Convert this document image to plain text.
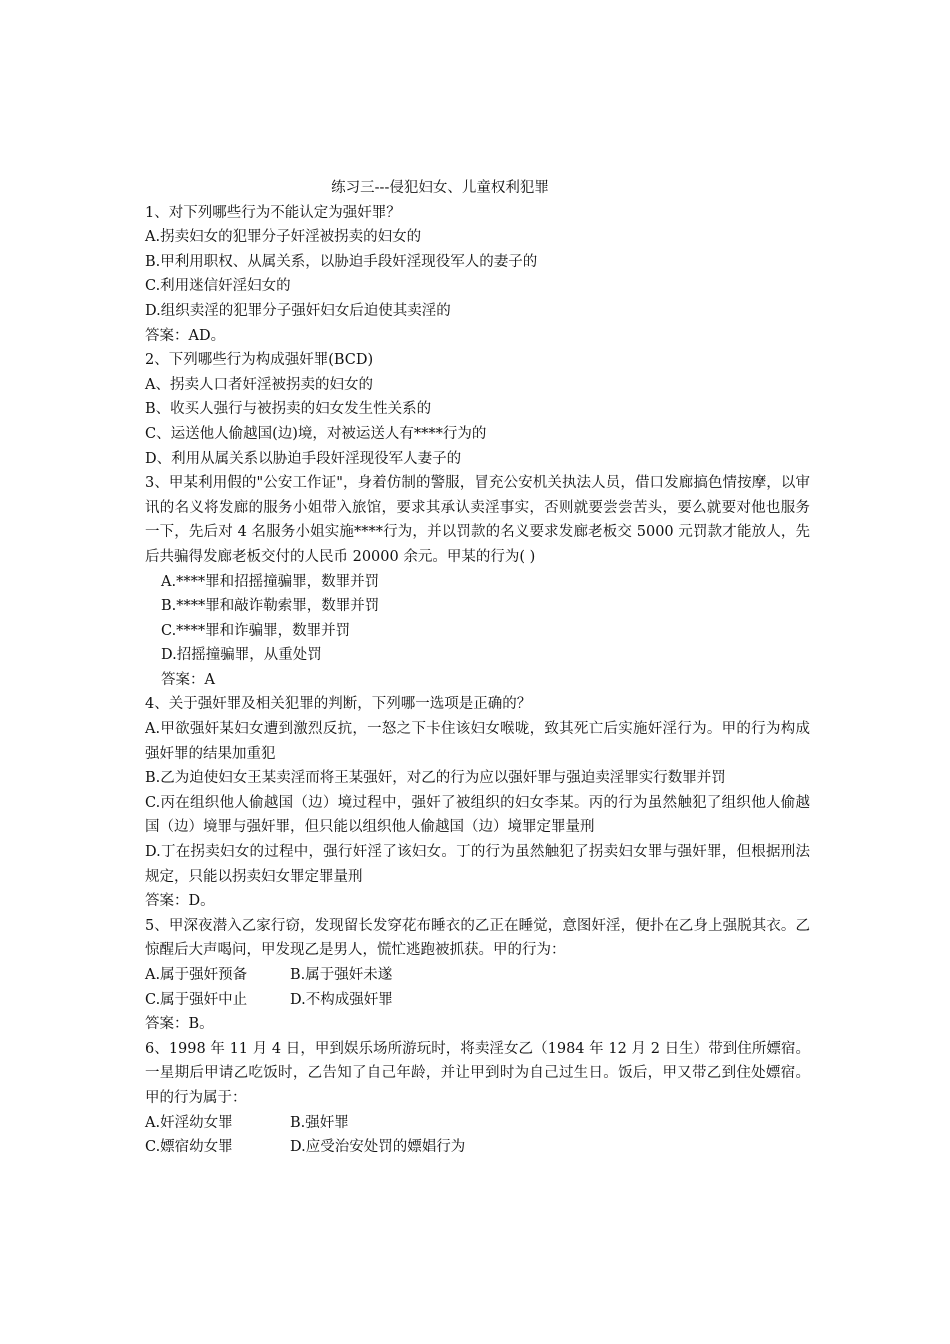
练习三---侵犯妇女、儿童权利犯罪

1、对下列哪些行为不能认定为强奸罪？

A.拐卖妇女的犯罪分子奸淫被拐卖的妇女的

B.甲利用职权、从属关系，以胁迫手段奸淫现役军人的妻子的

C.利用迷信奸淫妇女的

D.组织卖淫的犯罪分子强奸妇女后迫使其卖淫的

答案：AD。

2、下列哪些行为构成强奸罪(BCD)

A、拐卖人口者奸淫被拐卖的妇女的

B、收买人强行与被拐卖的妇女发生性关系的

C、运送他人偷越国(边)境，对被运送人有****行为的

D、利用从属关系以胁迫手段奸淫现役军人妻子的

3、甲某利用假的"公安工作证"，身着仿制的警服，冒充公安机关执法人员，借口发廊搞色情按摩，以审讯的名义将发廊的服务小姐带入旅馆，要求其承认卖淫事实，否则就要尝尝苦头，要么就要对他也服务一下，先后对 4 名服务小姐实施****行为，并以罚款的名义要求发廊老板交 5000 元罚款才能放人，先后共骗得发廊老板交付的人民币 20000 余元。甲某的行为( )

A.****罪和招摇撞骗罪，数罪并罚

B.****罪和敲诈勒索罪，数罪并罚

C.****罪和诈骗罪，数罪并罚

D.招摇撞骗罪，从重处罚

答案：A

4、关于强奸罪及相关犯罪的判断，下列哪一选项是正确的？

A.甲欲强奸某妇女遭到激烈反抗，一怒之下卡住该妇女喉咙，致其死亡后实施奸淫行为。甲的行为构成强奸罪的结果加重犯

B.乙为迫使妇女王某卖淫而将王某强奸，对乙的行为应以强奸罪与强迫卖淫罪实行数罪并罚

C.丙在组织他人偷越国（边）境过程中，强奸了被组织的妇女李某。丙的行为虽然触犯了组织他人偷越国（边）境罪与强奸罪，但只能以组织他人偷越国（边）境罪定罪量刑

D.丁在拐卖妇女的过程中，强行奸淫了该妇女。丁的行为虽然触犯了拐卖妇女罪与强奸罪，但根据刑法规定，只能以拐卖妇女罪定罪量刑

答案：D。

5、甲深夜潜入乙家行窃，发现留长发穿花布睡衣的乙正在睡觉，意图奸淫，便扑在乙身上强脱其衣。乙惊醒后大声喝问，甲发现乙是男人，慌忙逃跑被抓获。甲的行为：

A.属于强奸预备	B.属于强奸未遂

C.属于强奸中止	D.不构成强奸罪

答案：B。

6、1998 年 11 月 4 日，甲到娱乐场所游玩时，将卖淫女乙（1984 年 12 月 2 日生）带到住所嫖宿。一星期后甲请乙吃饭时，乙告知了自己年龄，并让甲到时为自己过生日。饭后，甲又带乙到住处嫖宿。甲的行为属于：

A.奸淫幼女罪	B.强奸罪

C.嫖宿幼女罪	D.应受治安处罚的嫖娼行为
